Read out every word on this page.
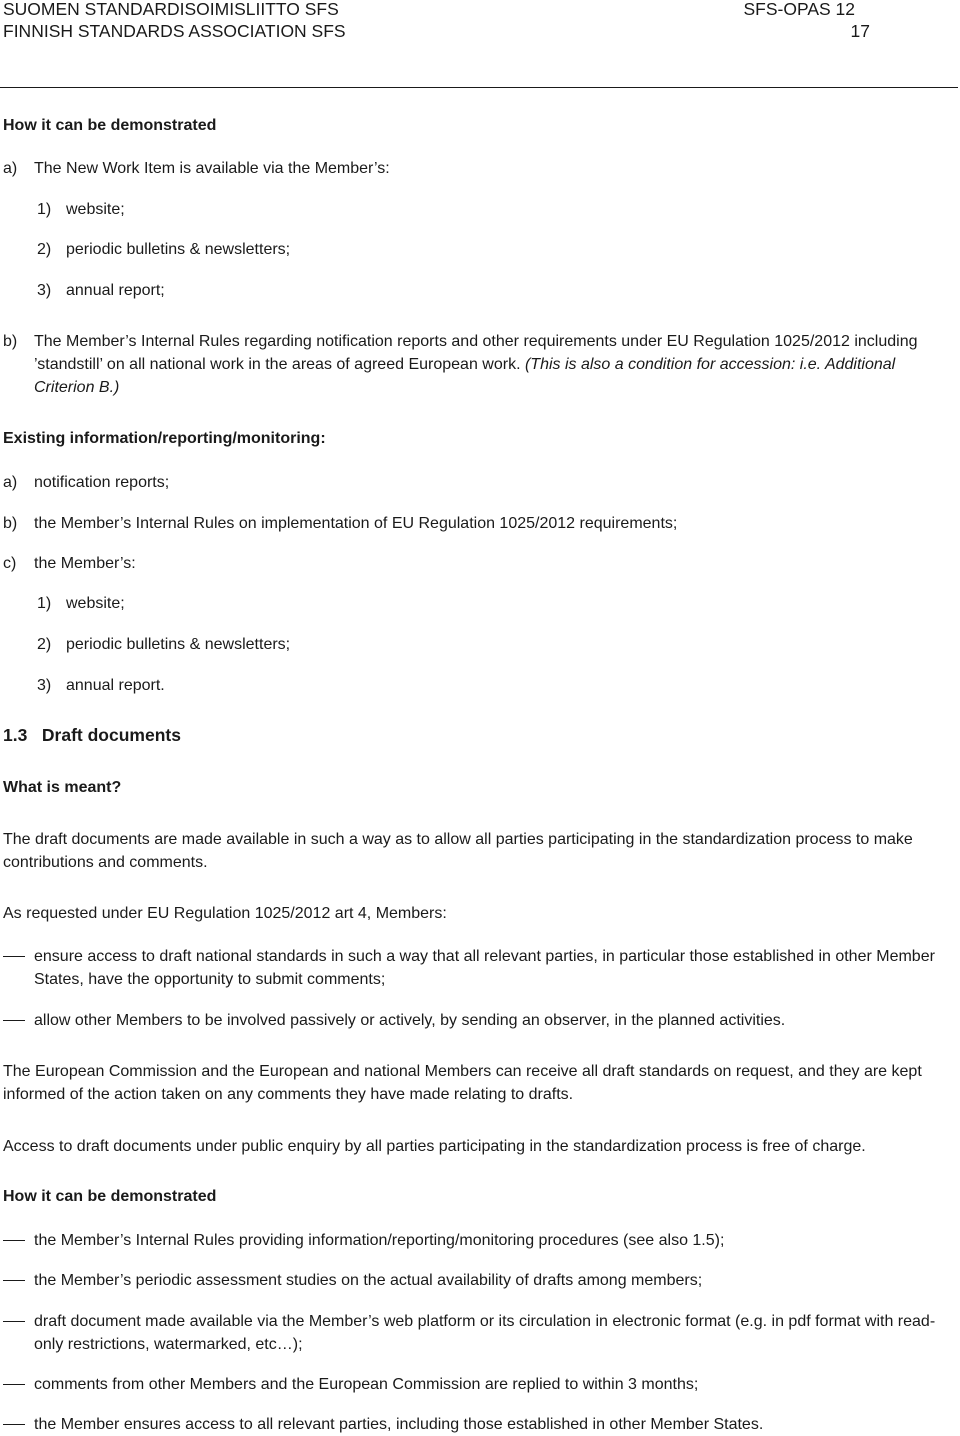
SUOMEN STANDARDISOIMISLIITTO SFS
FINNISH STANDARDS ASSOCIATION SFS
SFS-OPAS 12
17
How it can be demonstrated
a) The New Work Item is available via the Member’s:
1) website;
2) periodic bulletins & newsletters;
3) annual report;
b)	The Member’s Internal Rules regarding notification reports and other requirements under EU Regulation 1025/2012 including ’standstill’ on all national work in the areas of agreed European work. (This is also a condition for accession: i.e. Additional Criterion B.)
Existing information/reporting/monitoring:
a) notification reports;
b) the Member’s Internal Rules on implementation of EU Regulation 1025/2012 requirements;
c) the Member’s:
1) website;
2) periodic bulletins & newsletters;
3) annual report.
1.3 Draft documents
What is meant?
The draft documents are made available in such a way as to allow all parties participating in the standardization process to make contributions and comments.
As requested under EU Regulation 1025/2012 art 4, Members:
ensure access to draft national standards in such a way that all relevant parties, in particular those established in other Member States, have the opportunity to submit comments;
allow other Members to be involved passively or actively, by sending an observer, in the planned activities.
The European Commission and the European and national Members can receive all draft standards on request, and they are kept informed of the action taken on any comments they have made relating to drafts.
Access to draft documents under public enquiry by all parties participating in the standardization process is free of charge.
How it can be demonstrated
the Member’s Internal Rules providing information/reporting/monitoring procedures (see also 1.5);
the Member’s periodic assessment studies on the actual availability of drafts among members;
draft document made available via the Member’s web platform or its circulation in electronic format (e.g. in pdf format with read-only restrictions, watermarked, etc…);
comments from other Members and the European Commission are replied to within 3 months;
the Member ensures access to all relevant parties, including those established in other Member States.
